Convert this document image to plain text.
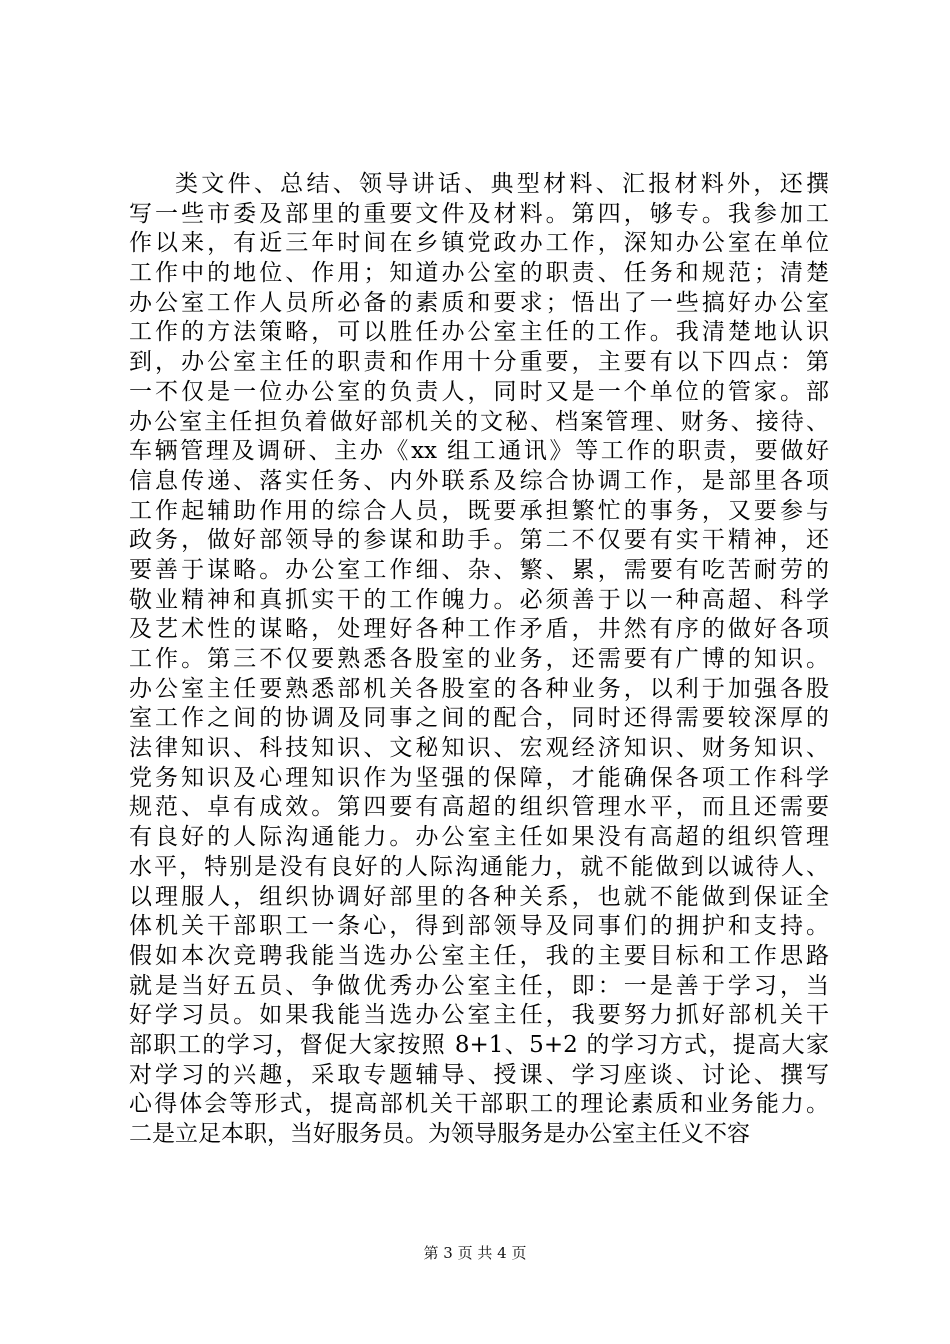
类文件、总结、领导讲话、典型材料、汇报材料外，还撰
写一些市委及部里的重要文件及材料。第四，够专。我参加工
作以来，有近三年时间在乡镇党政办工作，深知办公室在单位
工作中的地位、作用；知道办公室的职责、任务和规范；清楚
办公室工作人员所必备的素质和要求；悟出了一些搞好办公室
工作的方法策略，可以胜任办公室主任的工作。我清楚地认识
到，办公室主任的职责和作用十分重要，主要有以下四点：第
一不仅是一位办公室的负责人，同时又是一个单位的管家。部
办公室主任担负着做好部机关的文秘、档案管理、财务、接待、
车辆管理及调研、主办《xx 组工通讯》等工作的职责，要做好
信息传递、落实任务、内外联系及综合协调工作，是部里各项
工作起辅助作用的综合人员，既要承担繁忙的事务，又要参与
政务，做好部领导的参谋和助手。第二不仅要有实干精神，还
要善于谋略。办公室工作细、杂、繁、累，需要有吃苦耐劳的
敬业精神和真抓实干的工作魄力。必须善于以一种高超、科学
及艺术性的谋略，处理好各种工作矛盾，井然有序的做好各项
工作。第三不仅要熟悉各股室的业务，还需要有广博的知识。
办公室主任要熟悉部机关各股室的各种业务，以利于加强各股
室工作之间的协调及同事之间的配合，同时还得需要较深厚的
法律知识、科技知识、文秘知识、宏观经济知识、财务知识、
党务知识及心理知识作为坚强的保障，才能确保各项工作科学
规范、卓有成效。第四要有高超的组织管理水平，而且还需要
有良好的人际沟通能力。办公室主任如果没有高超的组织管理
水平，特别是没有良好的人际沟通能力，就不能做到以诚待人、
以理服人，组织协调好部里的各种关系，也就不能做到保证全
体机关干部职工一条心，得到部领导及同事们的拥护和支持。
假如本次竞聘我能当选办公室主任，我的主要目标和工作思路
就是当好五员、争做优秀办公室主任，即：一是善于学习，当
好学习员。如果我能当选办公室主任，我要努力抓好部机关干
部职工的学习，督促大家按照 8+1、5+2 的学习方式，提高大家
对学习的兴趣，采取专题辅导、授课、学习座谈、讨论、撰写
心得体会等形式，提高部机关干部职工的理论素质和业务能力。
二是立足本职，当好服务员。为领导服务是办公室主任义不容
第 3 页 共 4 页
